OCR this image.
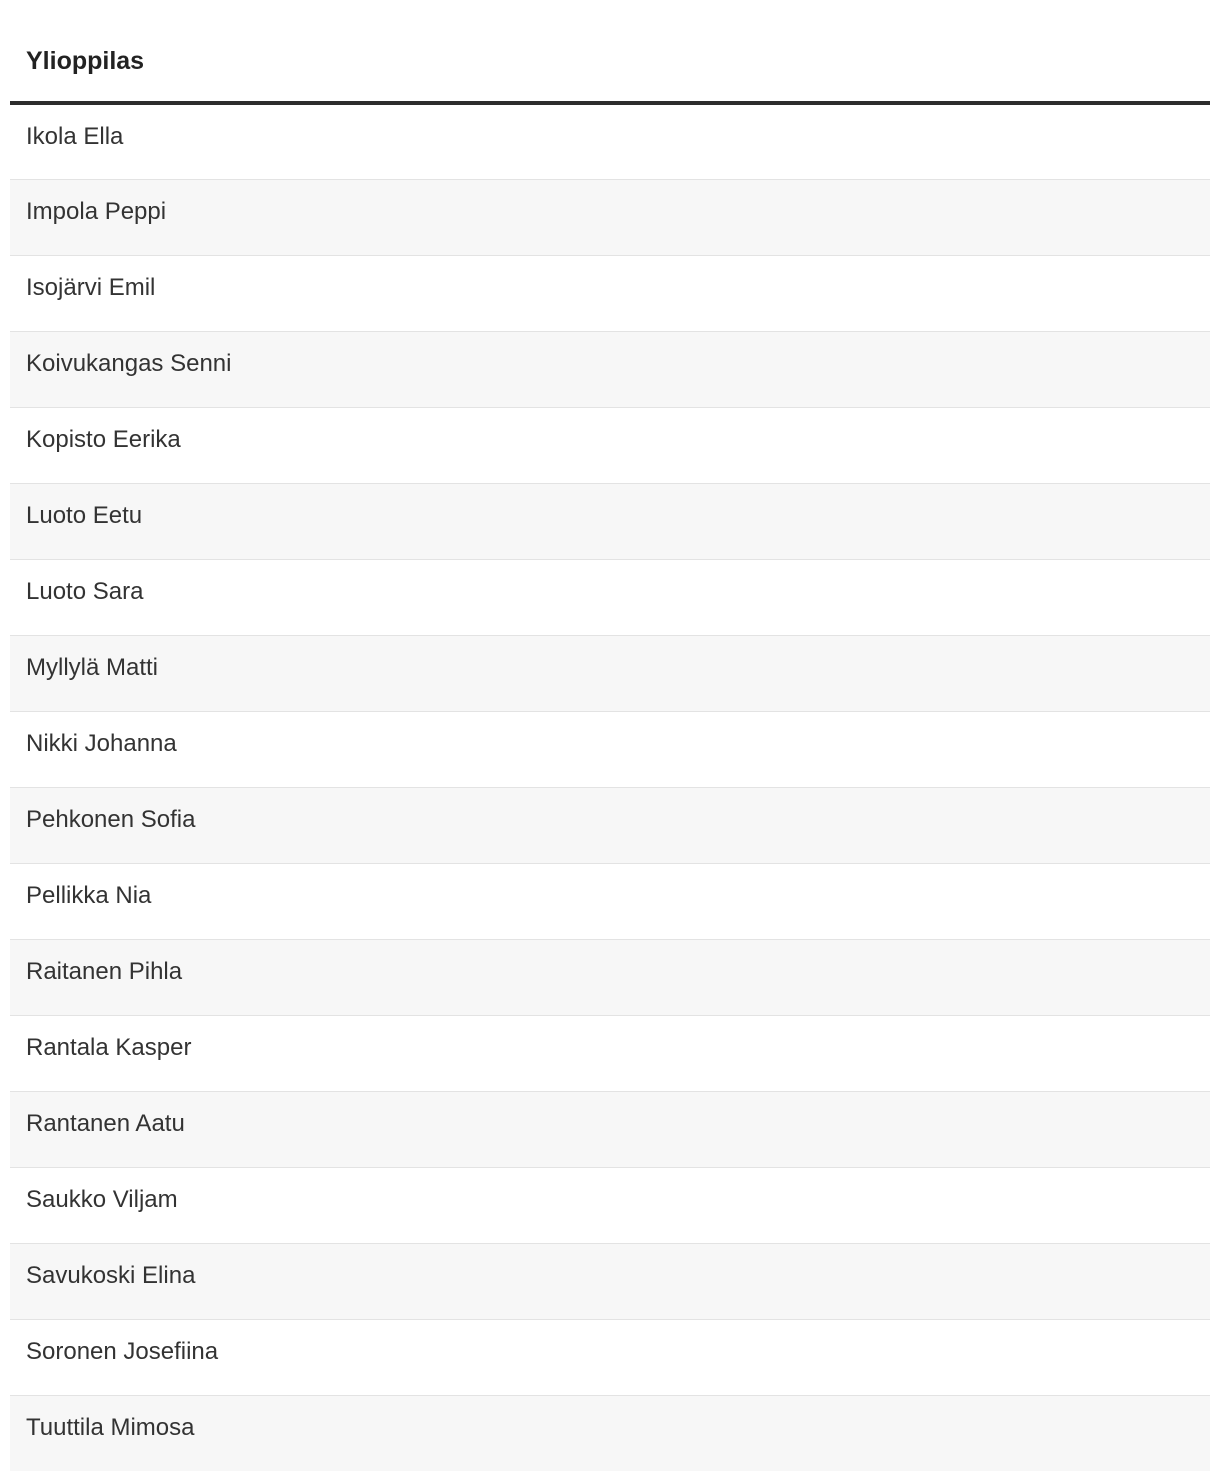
Ylioppilas
Ikola Ella
Impola Peppi
Isojärvi Emil
Koivukangas Senni
Kopisto Eerika
Luoto Eetu
Luoto Sara
Myllylä Matti
Nikki Johanna
Pehkonen Sofia
Pellikka Nia
Raitanen Pihla
Rantala Kasper
Rantanen Aatu
Saukko Viljam
Savukoski Elina
Soronen Josefiina
Tuuttila Mimosa
